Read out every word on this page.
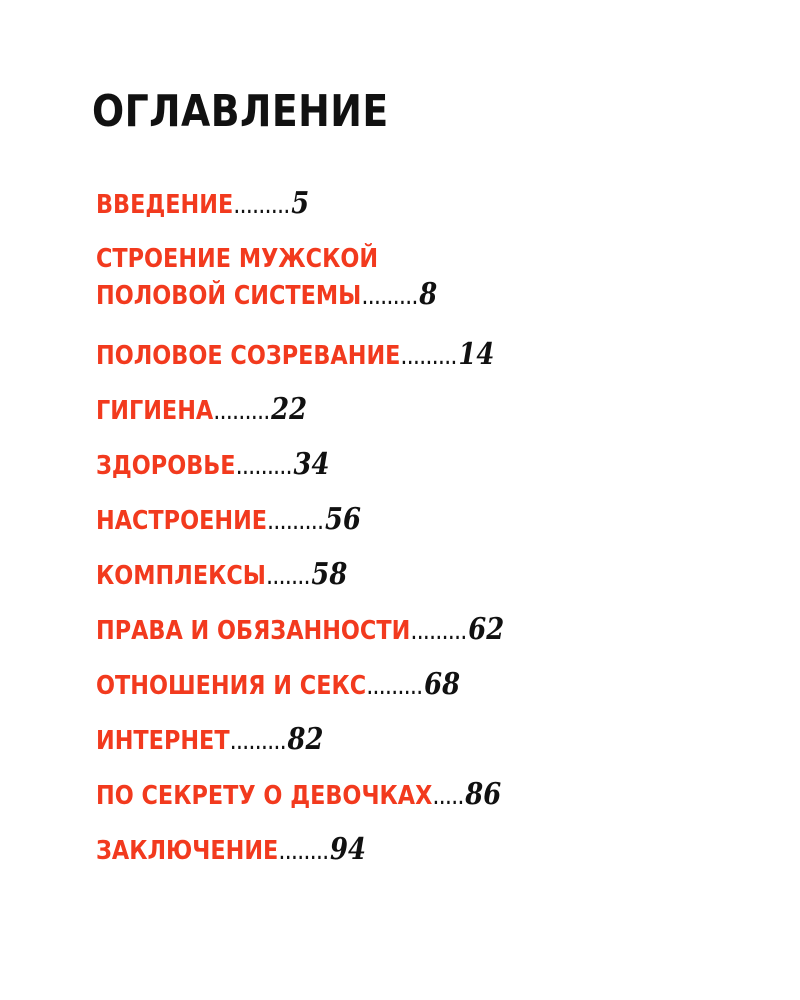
ОГЛАВЛЕНИЕ
ВВЕДЕНИЕ.........5
СТРОЕНИЕ МУЖСКОЙ
ПОЛОВОЙ СИСТЕМЫ.........8
ПОЛОВОЕ СОЗРЕВАНИЕ.........14
ГИГИЕНА.........22
ЗДОРОВЬЕ.........34
НАСТРОЕНИЕ.........56
КОМПЛЕКСЫ.......58
ПРАВА И ОБЯЗАННОСТИ.........62
ОТНОШЕНИЯ И СЕКС.........68
ИНТЕРНЕТ.........82
ПО СЕКРЕТУ О ДЕВОЧКАХ.....86
ЗАКЛЮЧЕНИЕ........94
